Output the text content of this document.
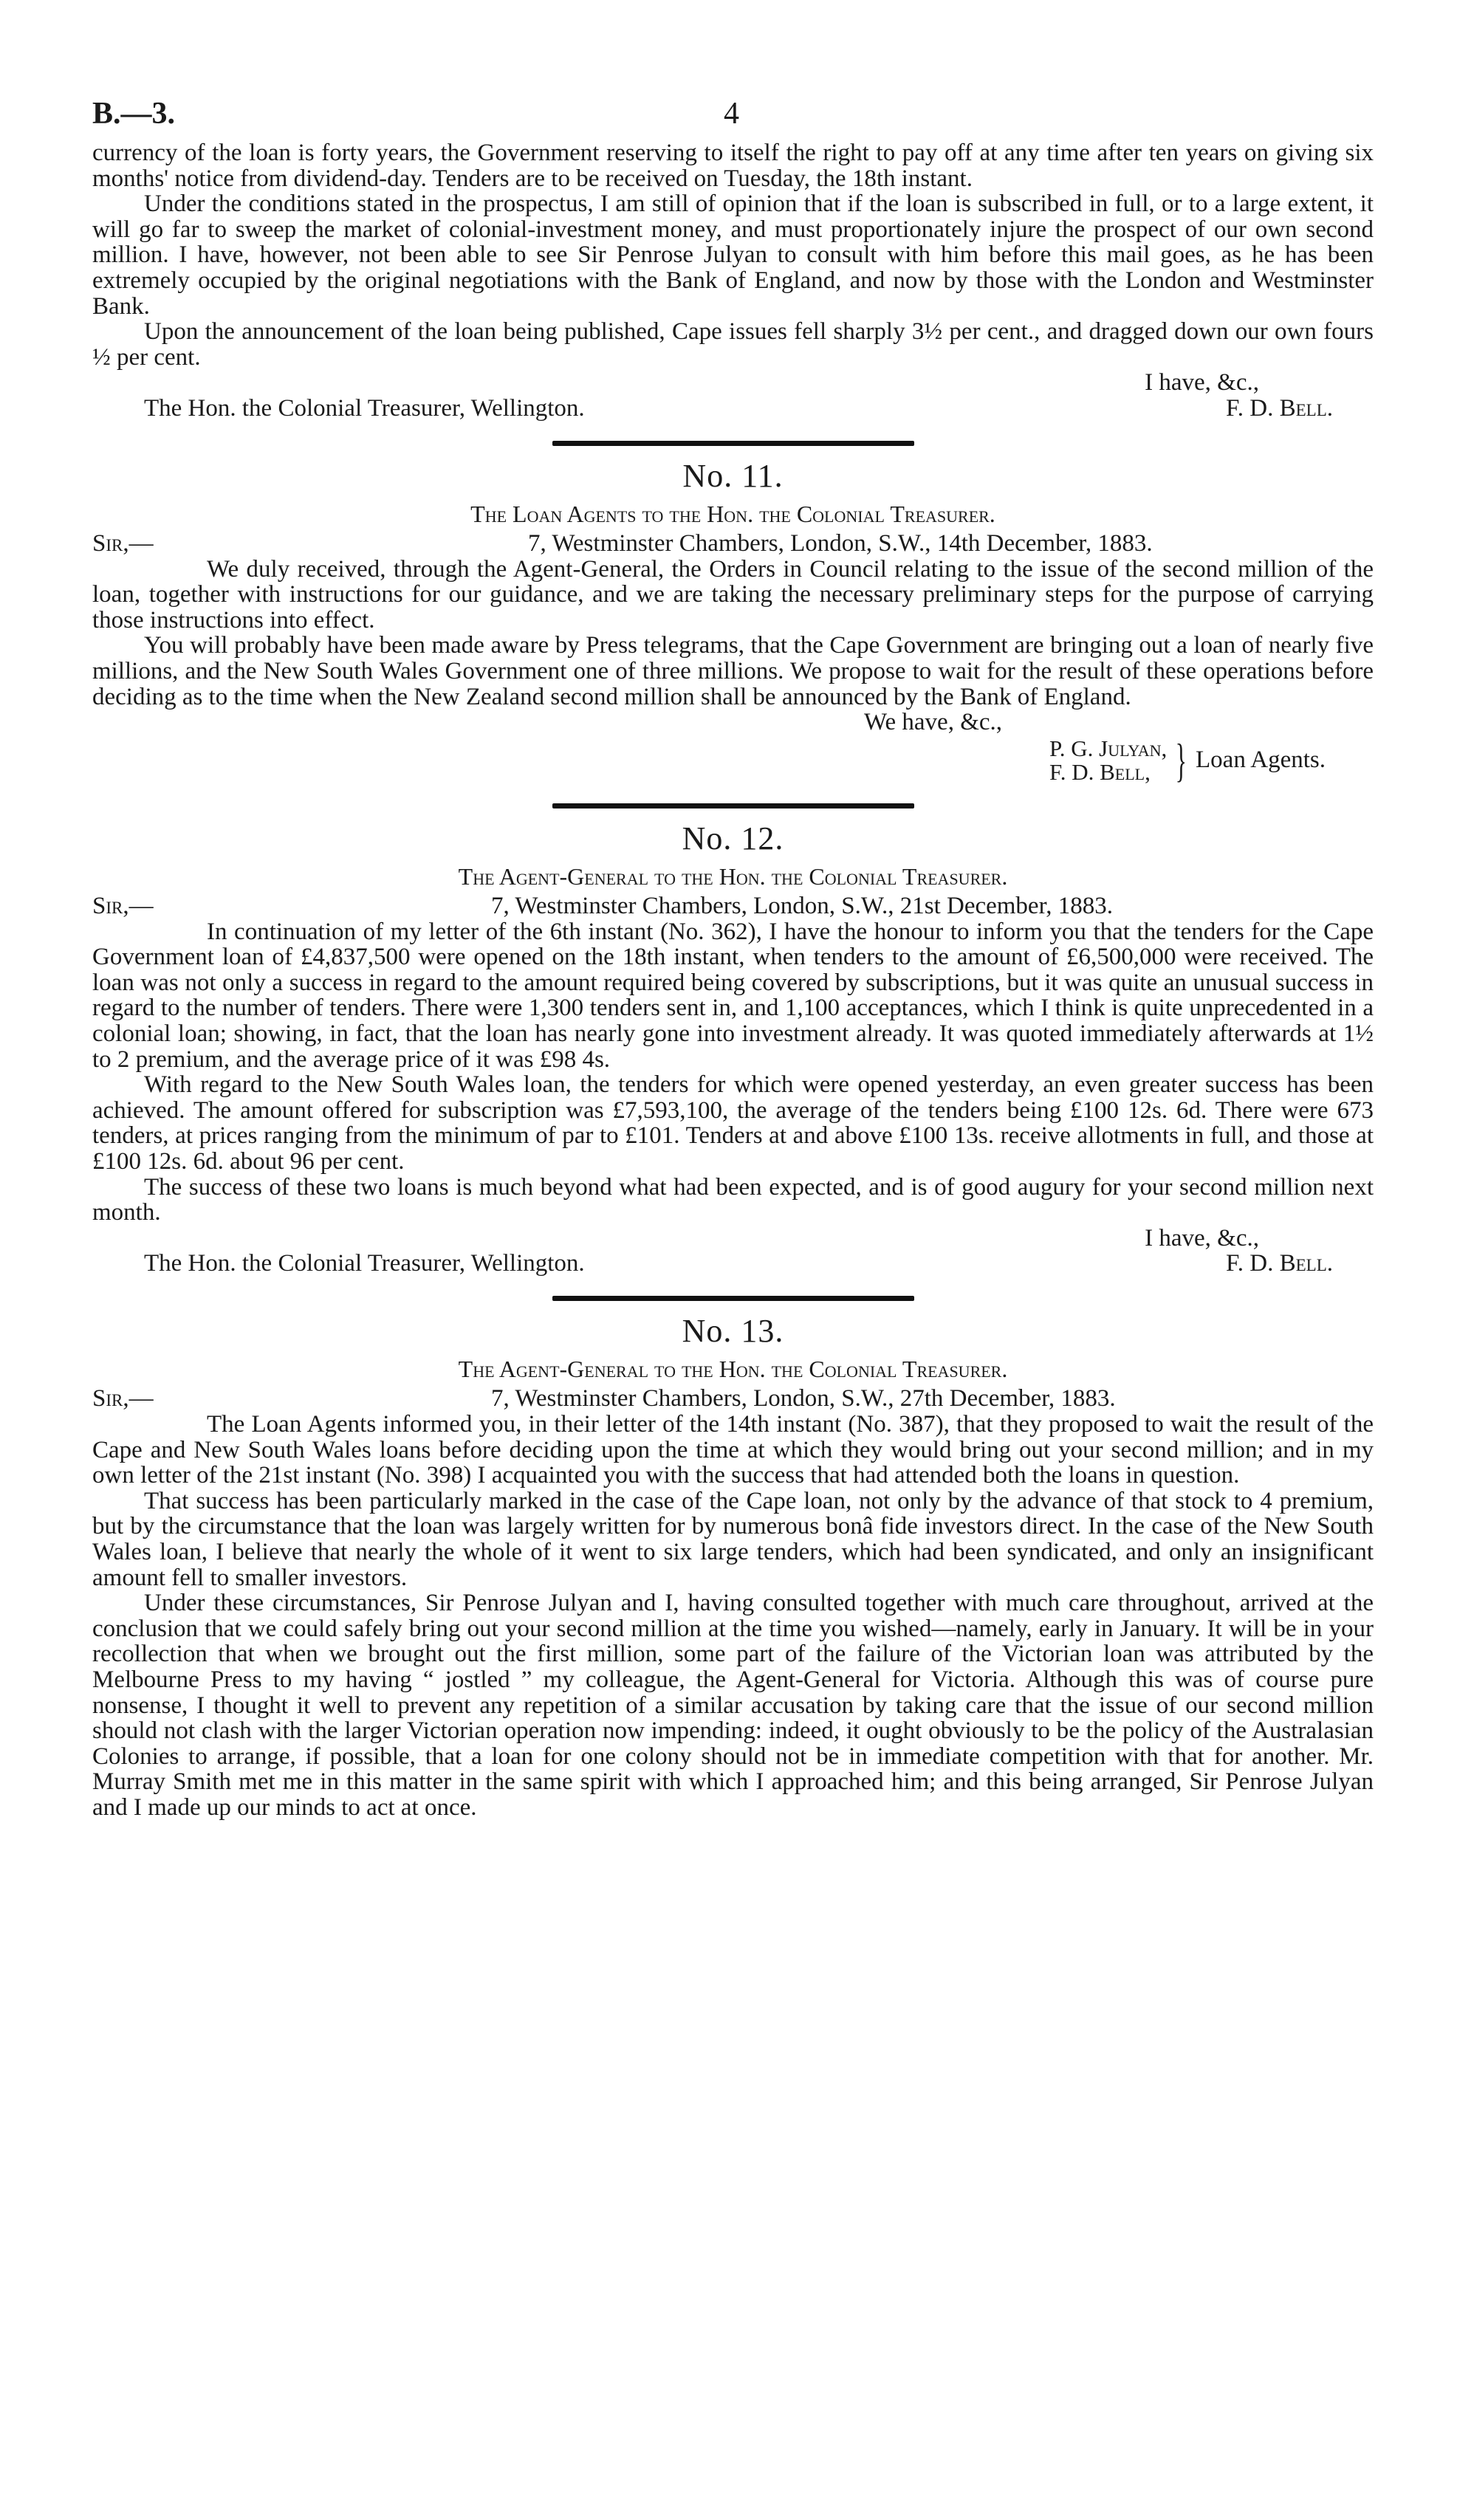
B.—3.	4

currency of the loan is forty years, the Government reserving to itself the right to pay off at any time after ten years on giving six months' notice from dividend-day. Tenders are to be received on Tuesday, the 18th instant.

Under the conditions stated in the prospectus, I am still of opinion that if the loan is subscribed in full, or to a large extent, it will go far to sweep the market of colonial-investment money, and must proportionately injure the prospect of our own second million. I have, however, not been able to see Sir Penrose Julyan to consult with him before this mail goes, as he has been extremely occupied by the original negotiations with the Bank of England, and now by those with the London and Westminster Bank.

Upon the announcement of the loan being published, Cape issues fell sharply 3½ per cent., and dragged down our own fours ½ per cent.

I have, &c.,
The Hon. the Colonial Treasurer, Wellington.	F. D. Bell.
No. 11.
The Loan Agents to the Hon. the Colonial Treasurer.
Sir,—	7, Westminster Chambers, London, S.W., 14th December, 1883.

We duly received, through the Agent-General, the Orders in Council relating to the issue of the second million of the loan, together with instructions for our guidance, and we are taking the necessary preliminary steps for the purpose of carrying those instructions into effect.

You will probably have been made aware by Press telegrams, that the Cape Government are bringing out a loan of nearly five millions, and the New South Wales Government one of three millions. We propose to wait for the result of these operations before deciding as to the time when the New Zealand second million shall be announced by the Bank of England.

We have, &c.,
P. G. Julyan,
F. D. Bell, } Loan Agents.
No. 12.
The Agent-General to the Hon. the Colonial Treasurer.
Sir,—	7, Westminster Chambers, London, S.W., 21st December, 1883.

In continuation of my letter of the 6th instant (No. 362), I have the honour to inform you that the tenders for the Cape Government loan of £4,837,500 were opened on the 18th instant, when tenders to the amount of £6,500,000 were received. The loan was not only a success in regard to the amount required being covered by subscriptions, but it was quite an unusual success in regard to the number of tenders. There were 1,300 tenders sent in, and 1,100 acceptances, which I think is quite unprecedented in a colonial loan; showing, in fact, that the loan has nearly gone into investment already. It was quoted immediately afterwards at 1½ to 2 premium, and the average price of it was £98 4s.

With regard to the New South Wales loan, the tenders for which were opened yesterday, an even greater success has been achieved. The amount offered for subscription was £7,593,100, the average of the tenders being £100 12s. 6d. There were 673 tenders, at prices ranging from the minimum of par to £101. Tenders at and above £100 13s. receive allotments in full, and those at £100 12s. 6d. about 96 per cent.

The success of these two loans is much beyond what had been expected, and is of good augury for your second million next month.

I have, &c.,
The Hon. the Colonial Treasurer, Wellington.	F. D. Bell.
No. 13.
The Agent-General to the Hon. the Colonial Treasurer.
Sir,—	7, Westminster Chambers, London, S.W., 27th December, 1883.

The Loan Agents informed you, in their letter of the 14th instant (No. 387), that they proposed to wait the result of the Cape and New South Wales loans before deciding upon the time at which they would bring out your second million; and in my own letter of the 21st instant (No. 398) I acquainted you with the success that had attended both the loans in question.

That success has been particularly marked in the case of the Cape loan, not only by the advance of that stock to 4 premium, but by the circumstance that the loan was largely written for by numerous bonâ fide investors direct. In the case of the New South Wales loan, I believe that nearly the whole of it went to six large tenders, which had been syndicated, and only an insignificant amount fell to smaller investors.

Under these circumstances, Sir Penrose Julyan and I, having consulted together with much care throughout, arrived at the conclusion that we could safely bring out your second million at the time you wished—namely, early in January. It will be in your recollection that when we brought out the first million, some part of the failure of the Victorian loan was attributed by the Melbourne Press to my having “ jostled ” my colleague, the Agent-General for Victoria. Although this was of course pure nonsense, I thought it well to prevent any repetition of a similar accusation by taking care that the issue of our second million should not clash with the larger Victorian operation now impending: indeed, it ought obviously to be the policy of the Australasian Colonies to arrange, if possible, that a loan for one colony should not be in immediate competition with that for another. Mr. Murray Smith met me in this matter in the same spirit with which I approached him; and this being arranged, Sir Penrose Julyan and I made up our minds to act at once.
